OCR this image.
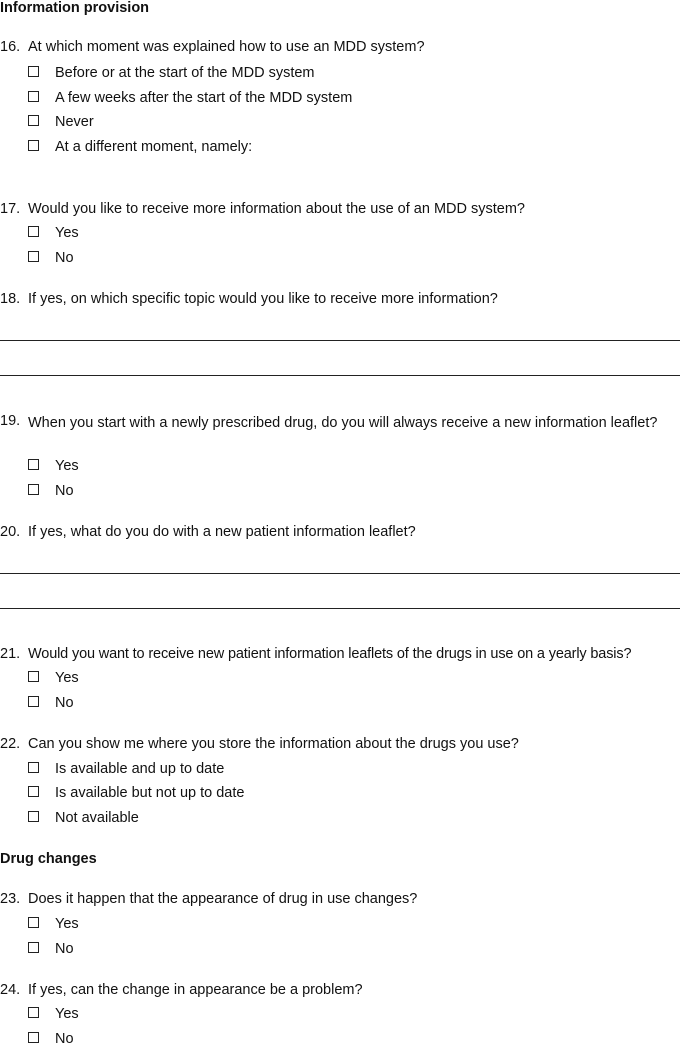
Information provision
16. At which moment was explained how to use an MDD system?
Before or at the start of the MDD system
A few weeks after the start of the MDD system
Never
At a different moment, namely:
17. Would you like to receive more information about the use of an MDD system?
Yes
No
18. If yes, on which specific topic would you like to receive more information?
19. When you start with a newly prescribed drug, do you will always receive a new information leaflet?
Yes
No
20. If yes, what do you do with a new patient information leaflet?
21. Would you want to receive new patient information leaflets of the drugs in use on a yearly basis?
Yes
No
22. Can you show me where you store the information about the drugs you use?
Is available and up to date
Is available but not up to date
Not available
Drug changes
23. Does it happen that the appearance of drug in use changes?
Yes
No
24. If yes, can the change in appearance be a problem?
Yes
No
